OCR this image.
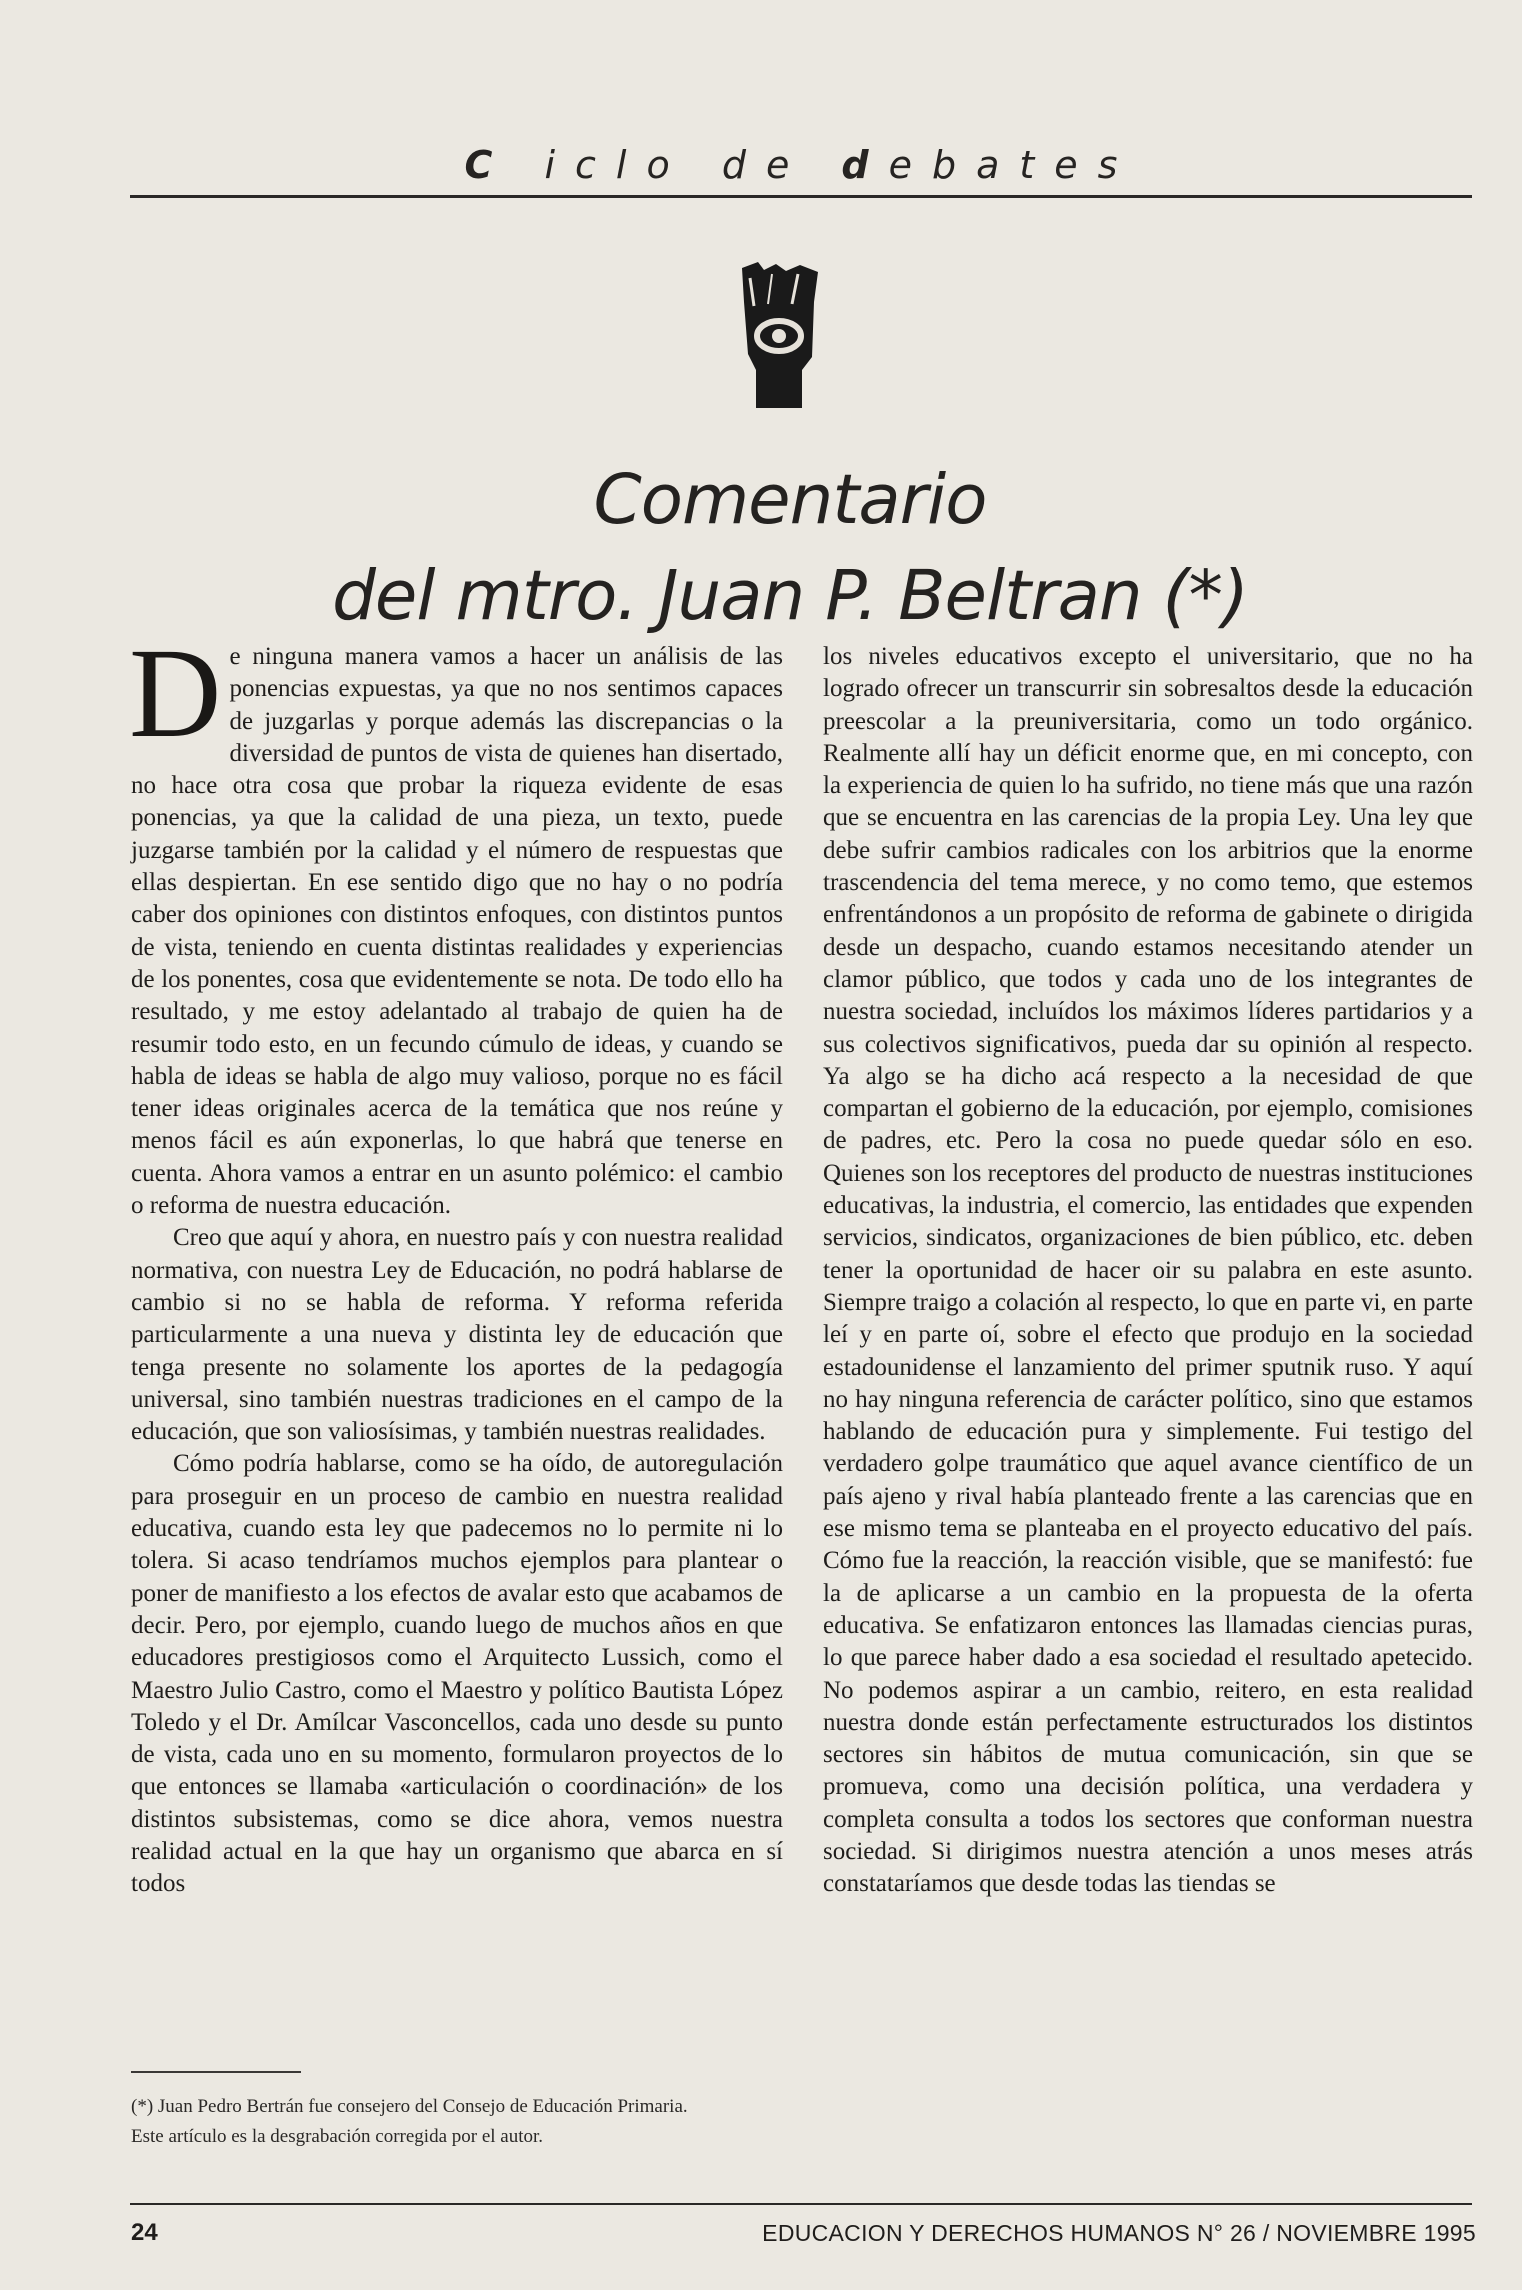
C iclo de debates
Comentario
del mtro. Juan P. Beltran (*)

De ninguna manera vamos a hacer un análisis de las ponencias expuestas, ya que no nos sentimos capaces de juzgarlas y porque además las discrepancias o la diversidad de puntos de vista de quienes han disertado, no hace otra cosa que probar la riqueza evidente de esas ponencias, ya que la calidad de una pieza, un texto, puede juzgarse también por la calidad y el número de respuestas que ellas despiertan. En ese sentido digo que no hay o no podría caber dos opiniones con distintos enfoques, con distintos puntos de vista, teniendo en cuenta distintas realidades y experiencias de los ponentes, cosa que evidentemente se nota. De todo ello ha resultado, y me estoy adelantado al trabajo de quien ha de resumir todo esto, en un fecundo cúmulo de ideas, y cuando se habla de ideas se habla de algo muy valioso, porque no es fácil tener ideas originales acerca de la temática que nos reúne y menos fácil es aún exponerlas, lo que habrá que tenerse en cuenta. Ahora vamos a entrar en un asunto polémico: el cambio o reforma de nuestra educación.

Creo que aquí y ahora, en nuestro país y con nuestra realidad normativa, con nuestra Ley de Educación, no podrá hablarse de cambio si no se habla de reforma. Y reforma referida particularmente a una nueva y distinta ley de educación que tenga presente no solamente los aportes de la pedagogía universal, sino también nuestras tradiciones en el campo de la educación, que son valiosísimas, y también nuestras realidades.

Cómo podría hablarse, como se ha oído, de autoregulación para proseguir en un proceso de cambio en nuestra realidad educativa, cuando esta ley que padecemos no lo permite ni lo tolera. Si acaso tendríamos muchos ejemplos para plantear o poner de manifiesto a los efectos de avalar esto que acabamos de decir. Pero, por ejemplo, cuando luego de muchos años en que educadores prestigiosos como el Arquitecto Lussich, como el Maestro Julio Castro, como el Maestro y político Bautista López Toledo y el Dr. Amílcar Vasconcellos, cada uno desde su punto de vista, cada uno en su momento, formularon proyectos de lo que entonces se llamaba «articulación o coordinación» de los distintos subsistemas, como se dice ahora, vemos nuestra realidad actual en la que hay un organismo que abarca en sí todos

los niveles educativos excepto el universitario, que no ha logrado ofrecer un transcurrir sin sobresaltos desde la educación preescolar a la preuniversitaria, como un todo orgánico. Realmente allí hay un déficit enorme que, en mi concepto, con la experiencia de quien lo ha sufrido, no tiene más que una razón que se encuentra en las carencias de la propia Ley. Una ley que debe sufrir cambios radicales con los arbitrios que la enorme trascendencia del tema merece, y no como temo, que estemos enfrentándonos a un propósito de reforma de gabinete o dirigida desde un despacho, cuando estamos necesitando atender un clamor público, que todos y cada uno de los integrantes de nuestra sociedad, incluídos los máximos líderes partidarios y a sus colectivos significativos, pueda dar su opinión al respecto. Ya algo se ha dicho acá respecto a la necesidad de que compartan el gobierno de la educación, por ejemplo, comisiones de padres, etc. Pero la cosa no puede quedar sólo en eso. Quienes son los receptores del producto de nuestras instituciones educativas, la industria, el comercio, las entidades que expenden servicios, sindicatos, organizaciones de bien público, etc. deben tener la oportunidad de hacer oir su palabra en este asunto. Siempre traigo a colación al respecto, lo que en parte vi, en parte leí y en parte oí, sobre el efecto que produjo en la sociedad estadounidense el lanzamiento del primer sputnik ruso. Y aquí no hay ninguna referencia de carácter político, sino que estamos hablando de educación pura y simplemente. Fui testigo del verdadero golpe traumático que aquel avance científico de un país ajeno y rival había planteado frente a las carencias que en ese mismo tema se planteaba en el proyecto educativo del país. Cómo fue la reacción, la reacción visible, que se manifestó: fue la de aplicarse a un cambio en la propuesta de la oferta educativa. Se enfatizaron entonces las llamadas ciencias puras, lo que parece haber dado a esa sociedad el resultado apetecido. No podemos aspirar a un cambio, reitero, en esta realidad nuestra donde están perfectamente estructurados los distintos sectores sin hábitos de mutua comunicación, sin que se promueva, como una decisión política, una verdadera y completa consulta a todos los sectores que conforman nuestra sociedad. Si dirigimos nuestra atención a unos meses atrás constataríamos que desde todas las tiendas se

(*) Juan Pedro Bertrán fue consejero del Consejo de Educación Primaria.
Este artículo es la desgrabación corregida por el autor.
24	EDUCACION Y DERECHOS HUMANOS N° 26 / NOVIEMBRE 1995
